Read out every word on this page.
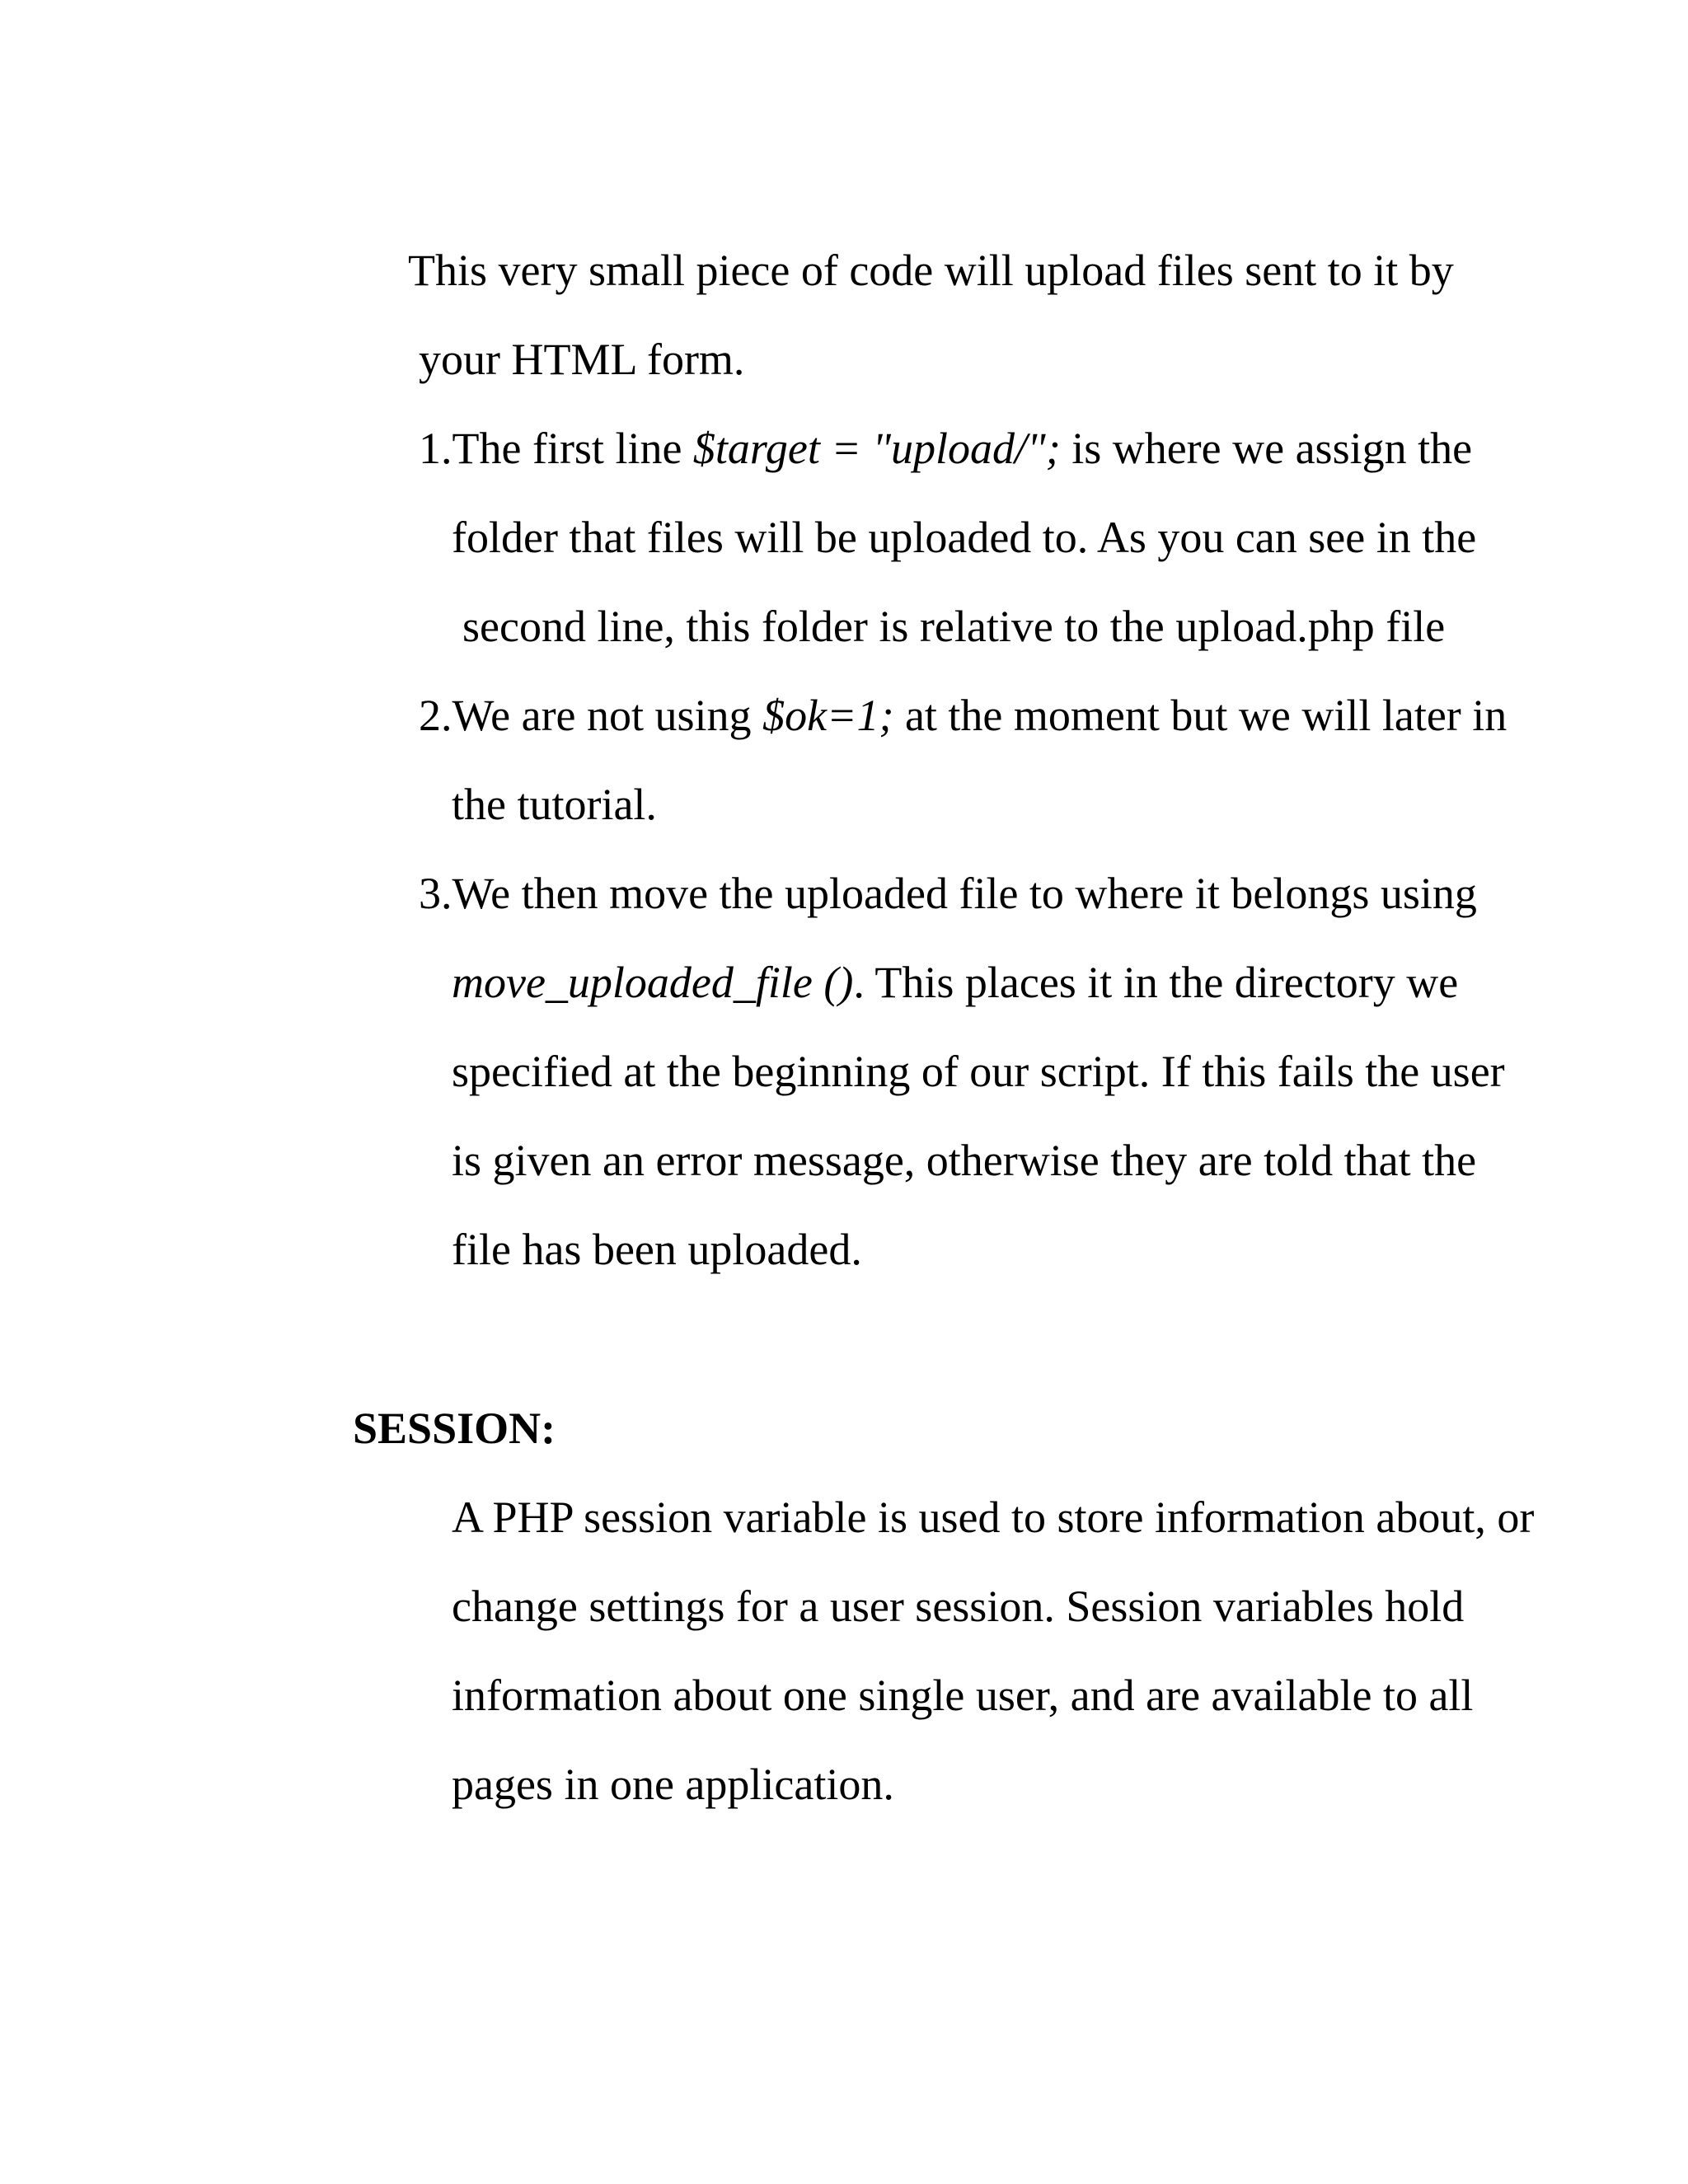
This very small piece of code will upload files sent to it by
your HTML form.
1.The first line $target = "upload/"; is where we assign the
folder that files will be uploaded to. As you can see in the
second line, this folder is relative to the upload.php file
2.We are not using $ok=1; at the moment but we will later in
the tutorial.
3.We then move the uploaded file to where it belongs using
move_uploaded_file (). This places it in the directory we
specified at the beginning of our script. If this fails the user
is given an error message, otherwise they are told that the
file has been uploaded.
SESSION:
A PHP session variable is used to store information about, or
change settings for a user session. Session variables hold
information about one single user, and are available to all
pages in one application.
